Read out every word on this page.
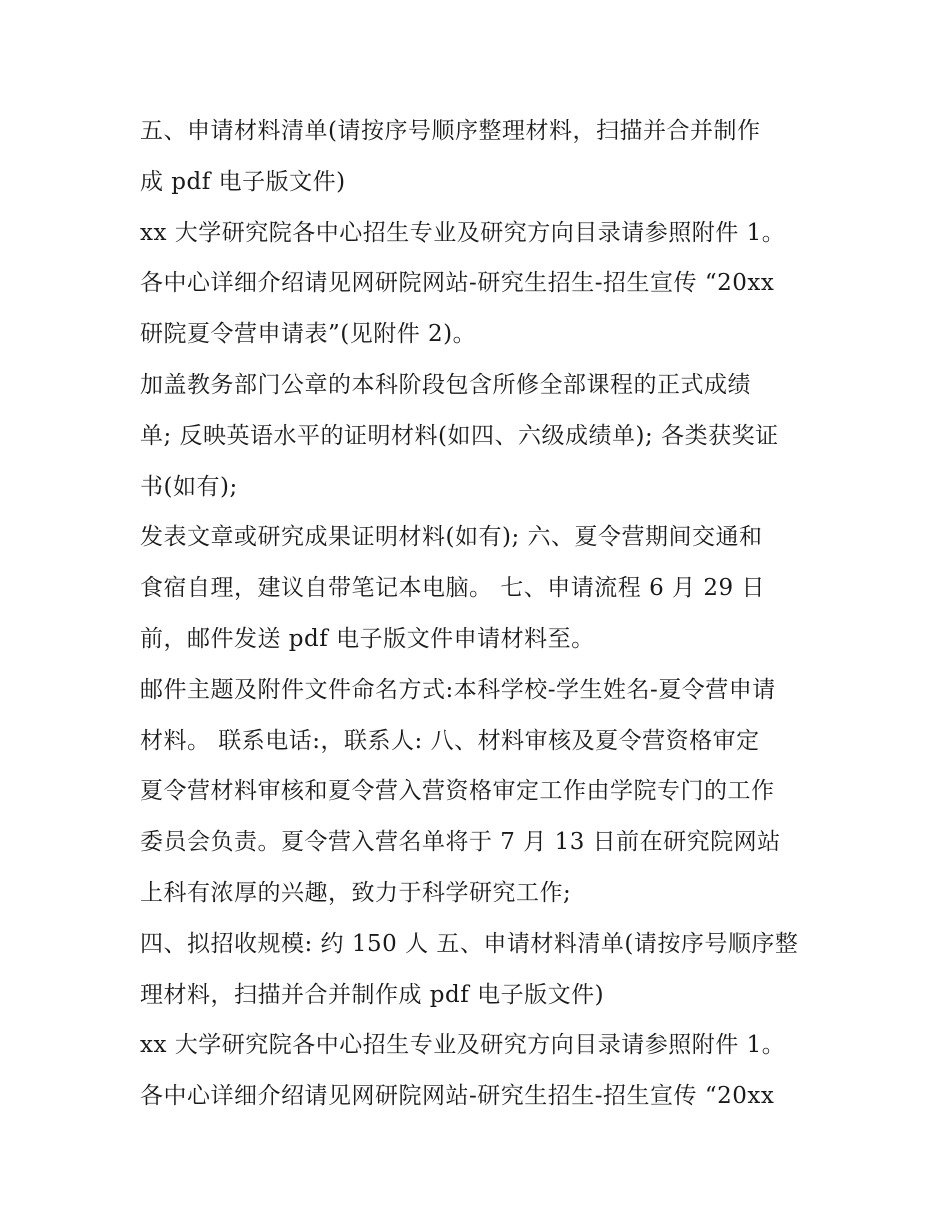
五、申请材料清单(请按序号顺序整理材料，扫描并合并制作
成 pdf 电子版文件)
xx 大学研究院各中心招生专业及研究方向目录请参照附件 1。
各中心详细介绍请见网研院网站-研究生招生-招生宣传 “20xx
研院夏令营申请表”(见附件 2)。
加盖教务部门公章的本科阶段包含所修全部课程的正式成绩
单; 反映英语水平的证明材料(如四、六级成绩单); 各类获奖证
书(如有);
发表文章或研究成果证明材料(如有); 六、夏令营期间交通和
食宿自理，建议自带笔记本电脑。 七、申请流程 6 月 29 日
前，邮件发送 pdf 电子版文件申请材料至。
邮件主题及附件文件命名方式:本科学校-学生姓名-夏令营申请
材料。 联系电话:，联系人: 八、材料审核及夏令营资格审定
夏令营材料审核和夏令营入营资格审定工作由学院专门的工作
委员会负责。夏令营入营名单将于 7 月 13 日前在研究院网站
上科有浓厚的兴趣，致力于科学研究工作;
四、拟招收规模: 约 150 人 五、申请材料清单(请按序号顺序整
理材料，扫描并合并制作成 pdf 电子版文件)
xx 大学研究院各中心招生专业及研究方向目录请参照附件 1。
各中心详细介绍请见网研院网站-研究生招生-招生宣传 “20xx
